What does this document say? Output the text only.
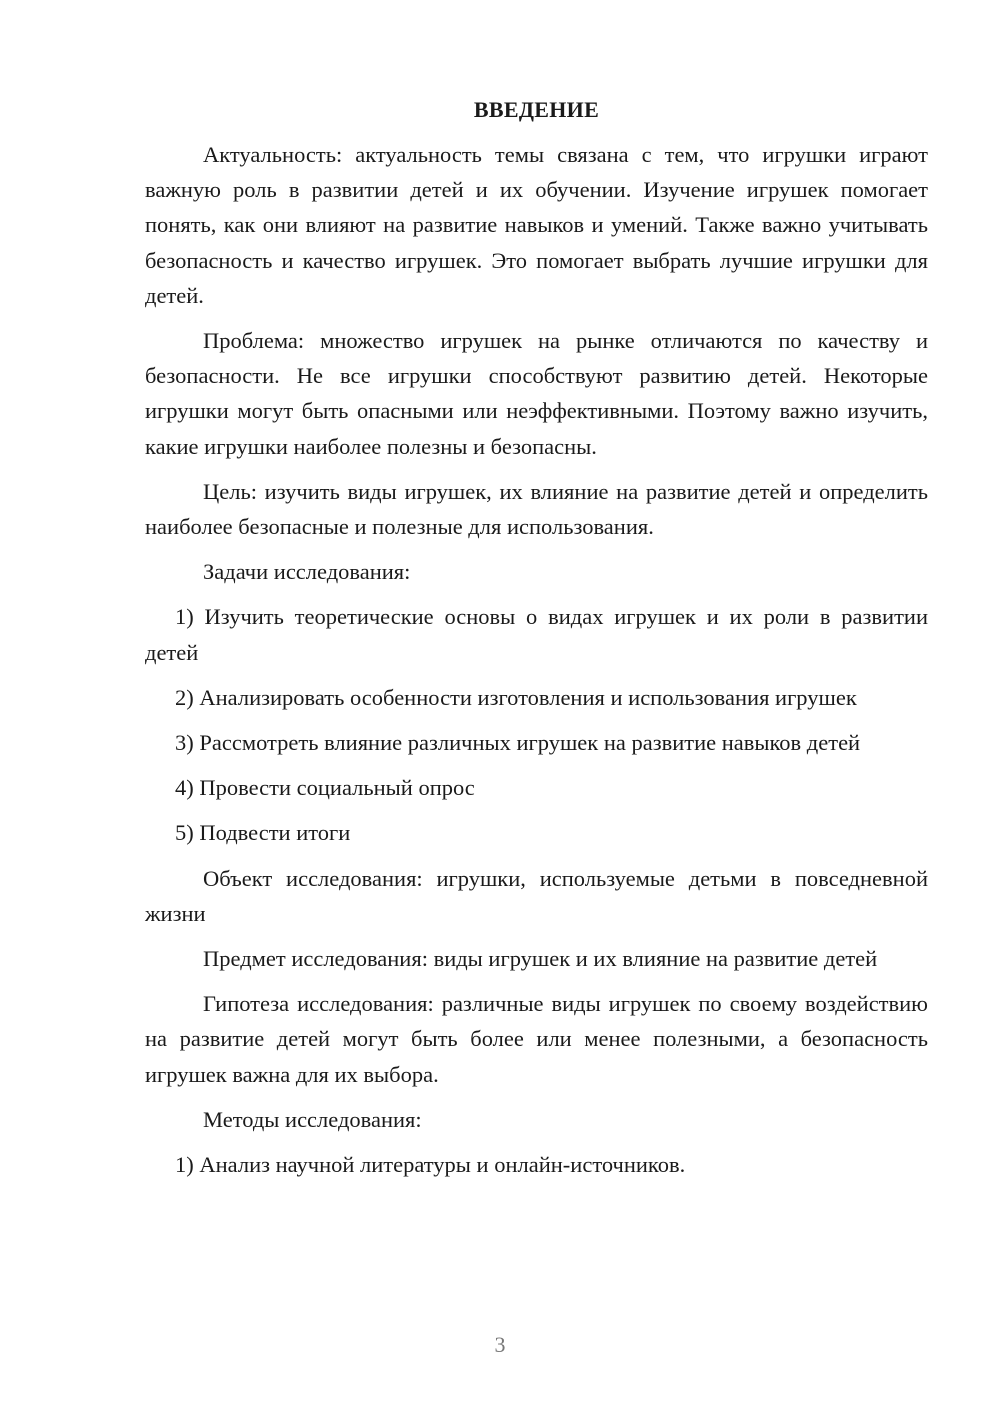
ВВЕДЕНИЕ

Актуальность: актуальность темы связана с тем, что игрушки играют важную роль в развитии детей и их обучении. Изучение игрушек помогает понять, как они влияют на развитие навыков и умений. Также важно учитывать безопасность и качество игрушек. Это помогает выбрать лучшие игрушки для детей.

Проблема: множество игрушек на рынке отличаются по качеству и безопасности. Не все игрушки способствуют развитию детей. Некоторые игрушки могут быть опасными или неэффективными. Поэтому важно изучить, какие игрушки наиболее полезны и безопасны.

Цель: изучить виды игрушек, их влияние на развитие детей и определить наиболее безопасные и полезные для использования.

Задачи исследования:

1) Изучить теоретические основы о видах игрушек и их роли в развитии детей

2) Анализировать особенности изготовления и использования игрушек

3) Рассмотреть влияние различных игрушек на развитие навыков детей

4) Провести социальный опрос

5) Подвести итоги

Объект исследования: игрушки, используемые детьми в повседневной жизни

Предмет исследования: виды игрушек и их влияние на развитие детей

Гипотеза исследования: различные виды игрушек по своему воздействию на развитие детей могут быть более или менее полезными, а безопасность игрушек важна для их выбора.

Методы исследования:

1) Анализ научной литературы и онлайн-источников.

3
